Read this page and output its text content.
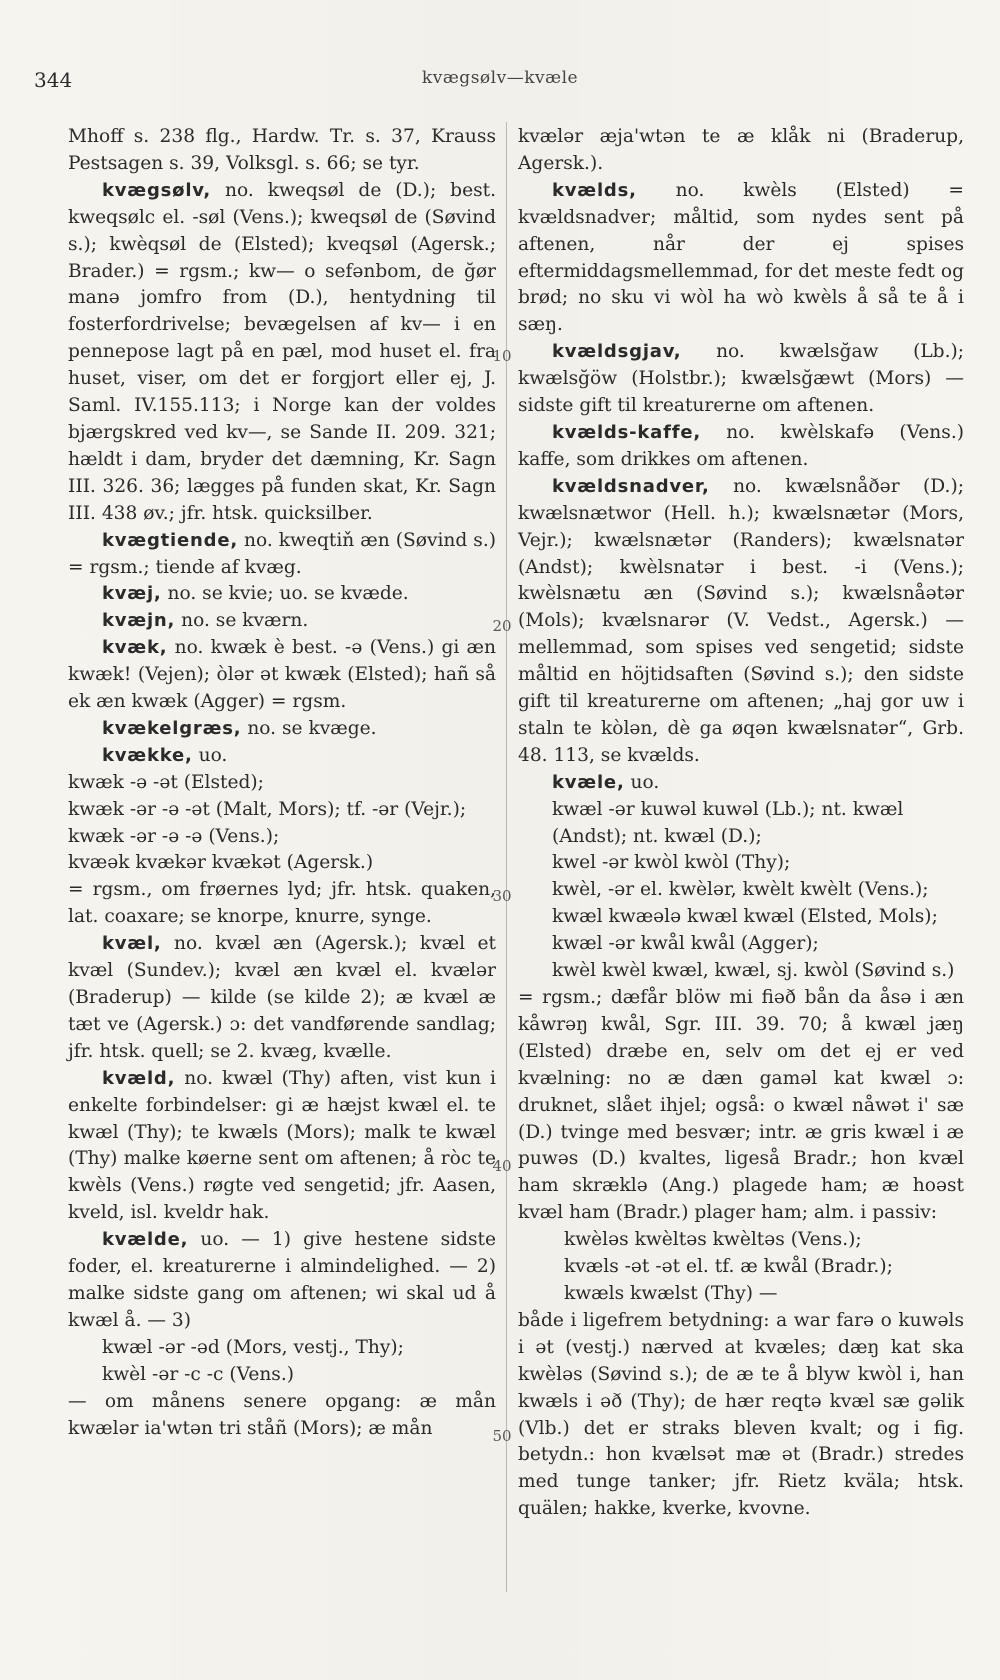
344	kvægsølv—kvæle

Mhoff s. 238 flg., Hardw. Tr. s. 37, Krauss Pestsagen s. 39, Volksgl. s. 66; se tyr.

kvægsølv, no. kweqsøl de (D.); best. kweqsølc el. -søl (Vens.); kweqsøl de (Søvind s.); kwèqsøl de (Elsted); kveqsøl (Agersk.; Brader.) = rgsm.; kw— o sefənbom, de ğør manə jomfro from (D.), hentydning til fosterfordrivelse; bevægelsen af kv— i en pennepose lagt på en pæl, mod huset el. fra huset, viser, om det er forgjort eller ej, J. Saml. IV.155.113; i Norge kan der voldes bjærgskred ved kv—, se Sande II. 209. 321; hældt i dam, bryder det dæmning, Kr. Sagn III. 326. 36; lægges på funden skat, Kr. Sagn III. 438 øv.; jfr. htsk. quicksilber.

kvægtiende, no. kweqtiň æn (Søvind s.) = rgsm.; tiende af kvæg.

kvæj, no. se kvie; uo. se kvæde.

kvæjn, no. se kværn.

kvæk, no. kwæk è best. -ə (Vens.) gi æn kwæk! (Vejen); òlər ət kwæk (Elsted); hañ så ek æn kwæk (Agger) = rgsm.

kvækelgræs, no. se kvæge.

kvække, uo.

kwæk -ə -ət (Elsted);

kwæk -ər -ə -ət (Malt, Mors); tf. -ər (Vejr.);

kwæk -ər -ə -ə (Vens.);

kvæək kvækər kvækət (Agersk.)

= rgsm., om frøernes lyd; jfr. htsk. quaken, lat. coaxare; se knorpe, knurre, synge.

kvæl, no. kvæl æn (Agersk.); kvæl et kvæl (Sundev.); kvæl æn kvæl el. kvælər (Braderup) — kilde (se kilde 2); æ kvæl æ tæt ve (Agersk.) ɔ: det vandførende sandlag; jfr. htsk. quell; se 2. kvæg, kvælle.

kvæld, no. kwæl (Thy) aften, vist kun i enkelte forbindelser: gi æ hæjst kwæl el. te kwæl (Thy); te kwæls (Mors); malk te kwæl (Thy) malke køerne sent om aftenen; å ròc te kwèls (Vens.) røgte ved sengetid; jfr. Aasen, kveld, isl. kveldr hak.

kvælde, uo. — 1) give hestene sidste foder, el. kreaturerne i almindelighed. — 2) malke sidste gang om aftenen; wi skal ud å kwæl å. — 3)

kwæl -ər -əd (Mors, vestj., Thy);

kwèl -ər -c -c (Vens.)

— om månens senere opgang: æ mån kwælər ia'wtən tri ståñ (Mors); æ mån

kvælər æja'wtən te æ klåk ni (Braderup, Agersk.).

kvælds, no. kwèls (Elsted) = kvældsnadver; måltid, som nydes sent på aftenen, når der ej spises eftermiddagsmellemmad, for det meste fedt og brød; no sku vi wòl ha wò kwèls å så te å i sæŋ.

kvældsgjav, no. kwælsğaw (Lb.); kwælsğöw (Holstbr.); kwælsğæwt (Mors) — sidste gift til kreaturerne om aftenen.

kvælds-kaffe, no. kwèlskafə (Vens.) kaffe, som drikkes om aftenen.

kvældsnadver, no. kwælsnåðər (D.); kwælsnætwor (Hell. h.); kwælsnætər (Mors, Vejr.); kwælsnætər (Randers); kwælsnatər (Andst); kwèlsnatər i best. -i (Vens.); kwèlsnætu æn (Søvind s.); kwælsnåətər (Mols); kvælsnarər (V. Vedst., Agersk.) — mellemmad, som spises ved sengetid; sidste måltid en höjtidsaften (Søvind s.); den sidste gift til kreaturerne om aftenen; „haj gor uw i staln te kòlən, dè ga øqən kwælsnatər“, Grb. 48. 113, se kvælds.

kvæle, uo.

kwæl -ər kuwəl kuwəl (Lb.); nt. kwæl (Andst); nt. kwæl (D.);

kwel -ər kwòl kwòl (Thy);

kwèl, -ər el. kwèlər, kwèlt kwèlt (Vens.);

kwæl kwæələ kwæl kwæl (Elsted, Mols);

kwæl -ər kwål kwål (Agger);

kwèl kwèl kwæl, kwæl, sj. kwòl (Søvind s.)

= rgsm.; dæfår blöw mi fiəð bån da åsə i æn kåwrəŋ kwål, Sgr. III. 39. 70; å kwæl jæŋ (Elsted) dræbe en, selv om det ej er ved kvælning: no æ dæn gaməl kat kwæl ɔ: druknet, slået ihjel; også: o kwæl nåwət i' sæ (D.) tvinge med besvær; intr. æ gris kwæl i æ puwəs (D.) kvaltes, ligeså Bradr.; hon kvæl ham skræklə (Ang.) plagede ham; æ hoəst kvæl ham (Bradr.) plager ham; alm. i passiv:

kwèləs kwèltəs kwèltəs (Vens.);

kvæls -ət -ət el. tf. æ kwål (Bradr.);

kwæls kwælst (Thy) —

både i ligefrem betydning: a war farə o kuwəls i ət (vestj.) nærved at kvæles; dæŋ kat ska kwèləs (Søvind s.); de æ te å blyw kwòl i, han kwæls i əð (Thy); de hær reqtə kvæl sæ gəlik (Vlb.) det er straks bleven kvalt; og i fig. betydn.: hon kvælsət mæ ət (Bradr.) stredes med tunge tanker; jfr. Rietz kväla; htsk. quälen; hakke, kverke, kvovne.

10
20
30
40
50
